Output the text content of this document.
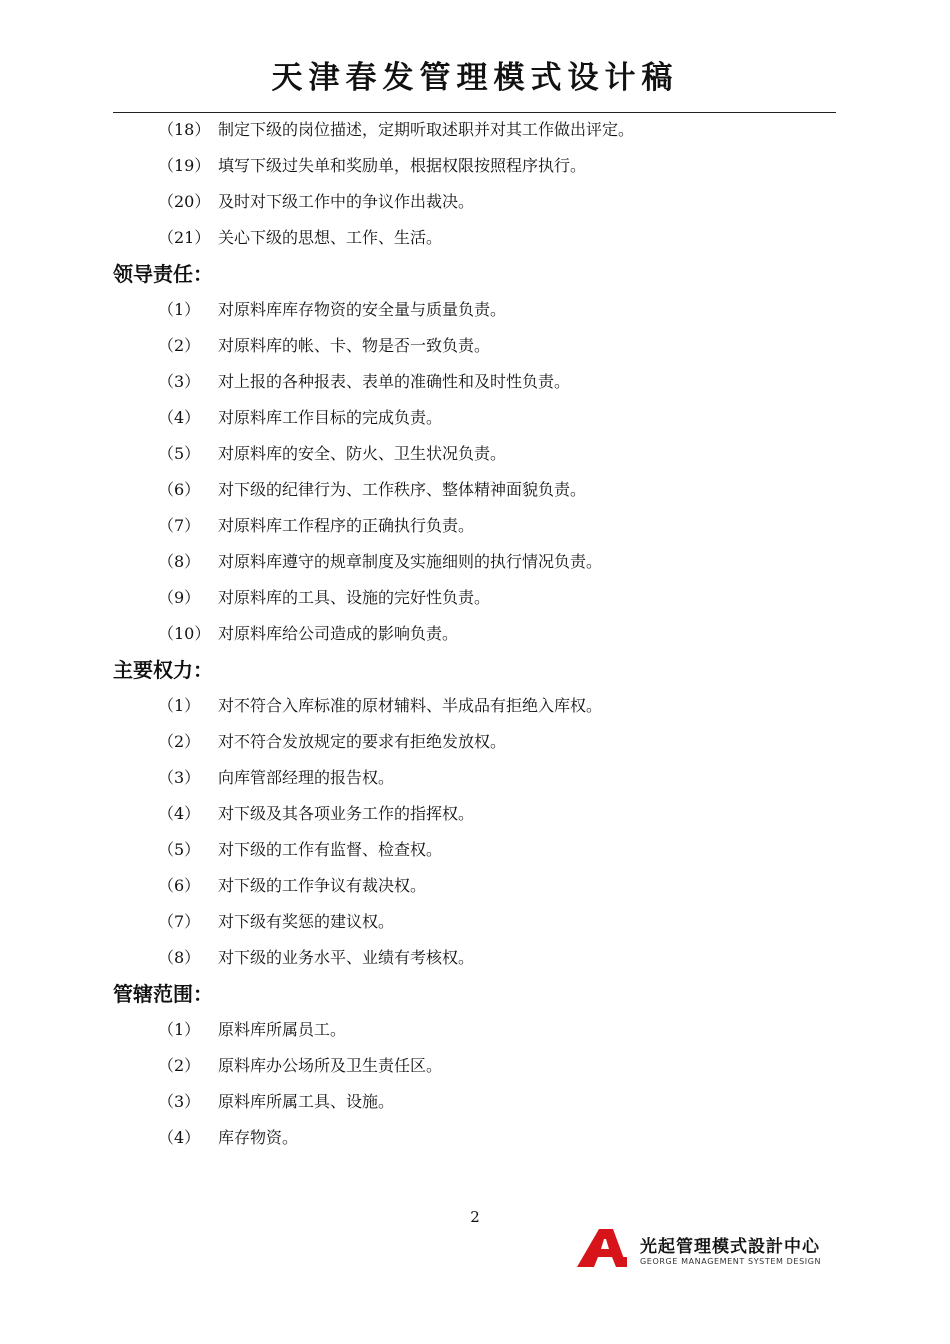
天津春发管理模式设计稿
（18） 制定下级的岗位描述，定期听取述职并对其工作做出评定。
（19） 填写下级过失单和奖励单，根据权限按照程序执行。
（20） 及时对下级工作中的争议作出裁决。
（21） 关心下级的思想、工作、生活。
领导责任：
（1） 对原料库库存物资的安全量与质量负责。
（2） 对原料库的帐、卡、物是否一致负责。
（3） 对上报的各种报表、表单的准确性和及时性负责。
（4） 对原料库工作目标的完成负责。
（5） 对原料库的安全、防火、卫生状况负责。
（6） 对下级的纪律行为、工作秩序、整体精神面貌负责。
（7） 对原料库工作程序的正确执行负责。
（8） 对原料库遵守的规章制度及实施细则的执行情况负责。
（9） 对原料库的工具、设施的完好性负责。
（10） 对原料库给公司造成的影响负责。
主要权力：
（1） 对不符合入库标准的原材辅料、半成品有拒绝入库权。
（2） 对不符合发放规定的要求有拒绝发放权。
（3） 向库管部经理的报告权。
（4） 对下级及其各项业务工作的指挥权。
（5） 对下级的工作有监督、检查权。
（6） 对下级的工作争议有裁决权。
（7） 对下级有奖惩的建议权。
（8） 对下级的业务水平、业绩有考核权。
管辖范围：
（1） 原料库所属员工。
（2） 原料库办公场所及卫生责任区。
（3） 原料库所属工具、设施。
（4） 库存物资。
2
光起管理模式設計中心
GEORGE MANAGEMENT SYSTEM DESIGN
